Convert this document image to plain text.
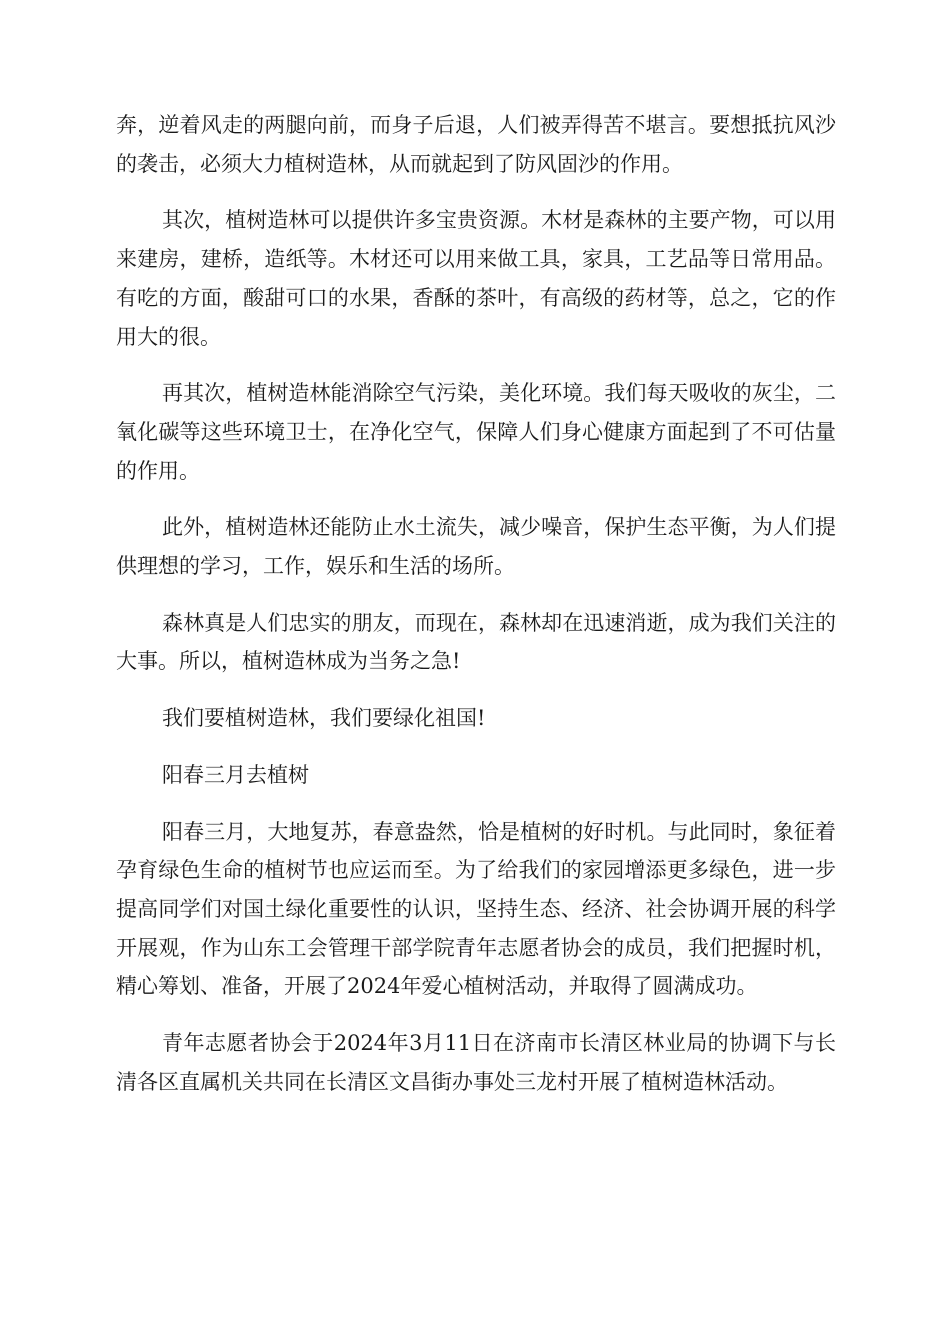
奔，逆着风走的两腿向前，而身子后退，人们被弄得苦不堪言。要想抵抗风沙的袭击，必须大力植树造林，从而就起到了防风固沙的作用。

其次，植树造林可以提供许多宝贵资源。木材是森林的主要产物，可以用来建房，建桥，造纸等。木材还可以用来做工具，家具，工艺品等日常用品。有吃的方面，酸甜可口的水果，香酥的茶叶，有高级的药材等，总之，它的作用大的很。

再其次，植树造林能消除空气污染，美化环境。我们每天吸收的灰尘，二氧化碳等这些环境卫士，在净化空气，保障人们身心健康方面起到了不可估量的作用。

此外，植树造林还能防止水土流失，减少噪音，保护生态平衡，为人们提供理想的学习，工作，娱乐和生活的场所。

森林真是人们忠实的朋友，而现在，森林却在迅速消逝，成为我们关注的大事。所以，植树造林成为当务之急!

我们要植树造林，我们要绿化祖国!

阳春三月去植树

阳春三月，大地复苏，春意盎然，恰是植树的好时机。与此同时，象征着孕育绿色生命的植树节也应运而至。为了给我们的家园增添更多绿色，进一步提高同学们对国土绿化重要性的认识，坚持生态、经济、社会协调开展的科学开展观，作为山东工会管理干部学院青年志愿者协会的成员，我们把握时机，精心筹划、准备，开展了2024年爱心植树活动，并取得了圆满成功。

青年志愿者协会于2024年3月11日在济南市长清区林业局的协调下与长清各区直属机关共同在长清区文昌街办事处三龙村开展了植树造林活动。
